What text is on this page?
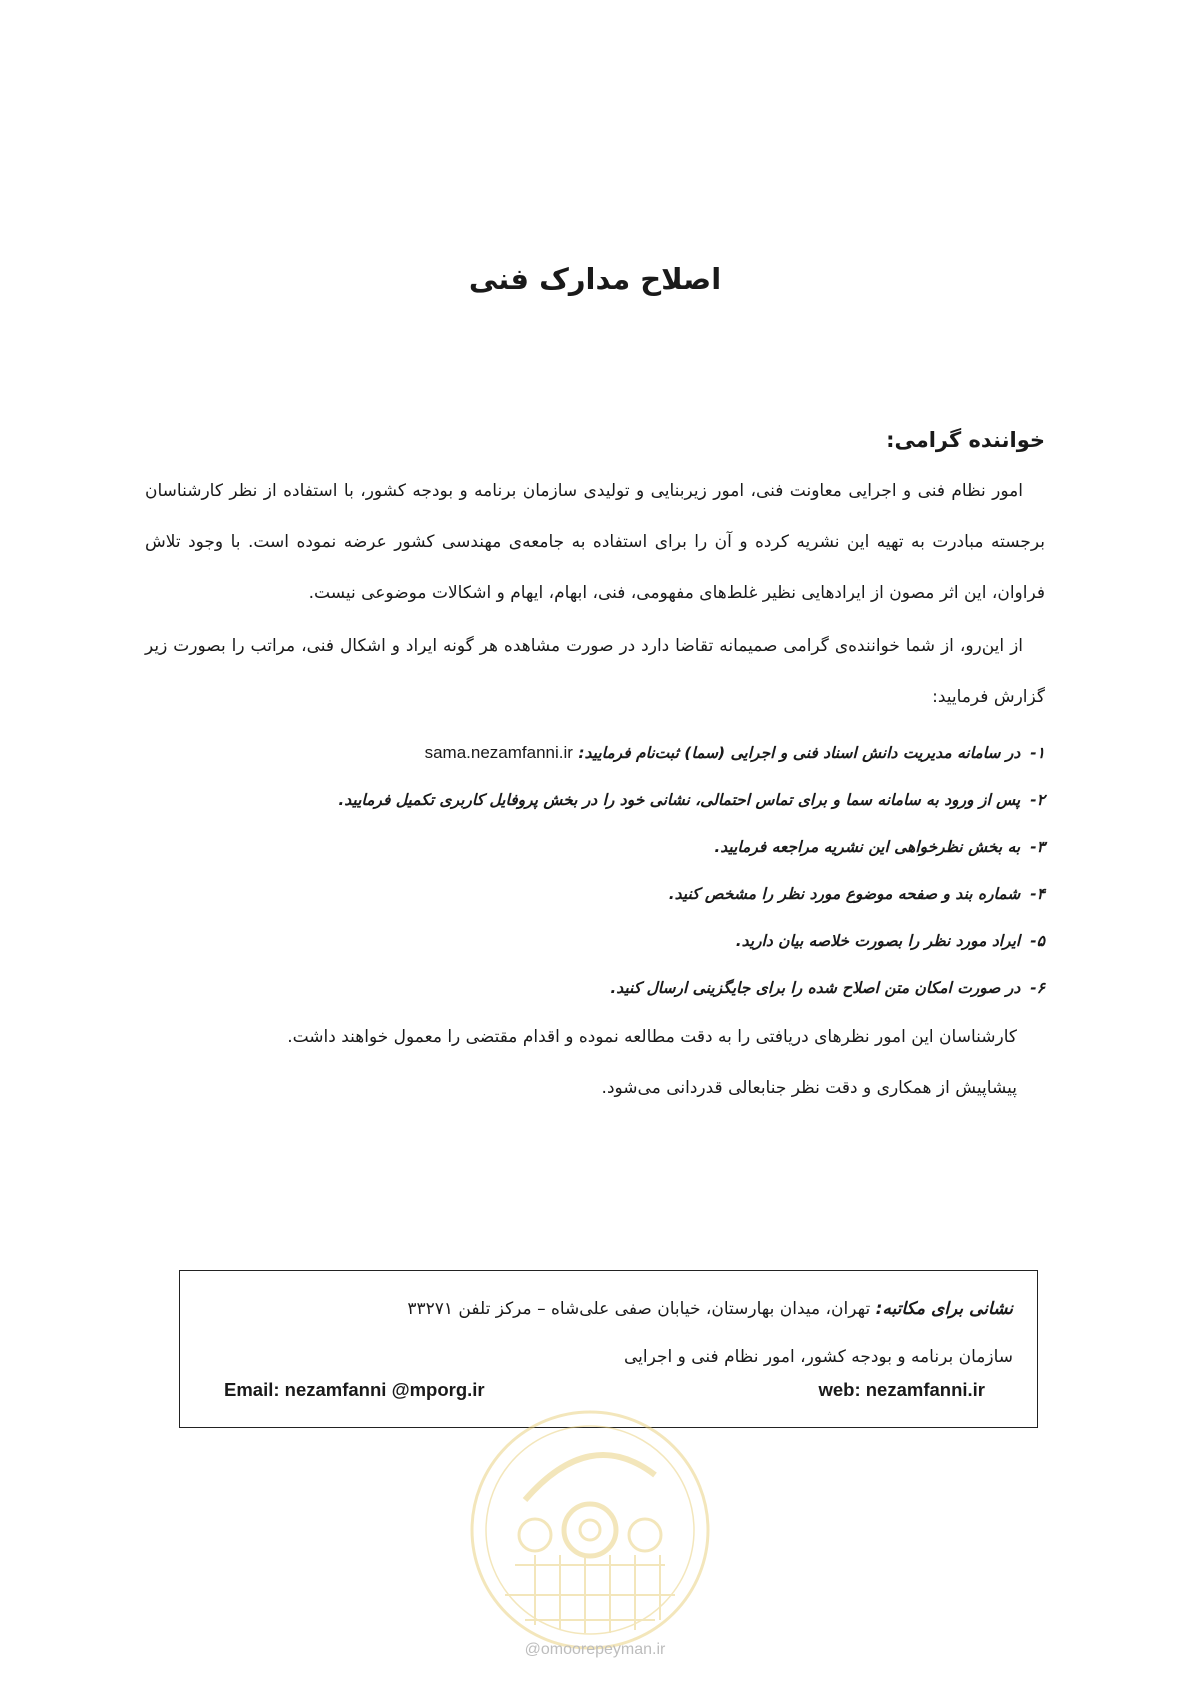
اصلاح مدارک فنی

خواننده گرامی:

امور نظام فنی و اجرایی معاونت فنی، امور زیربنایی و تولیدی سازمان برنامه و بودجه کشور، با استفاده از نظر کارشناسان برجسته مبادرت به تهیه این نشریه کرده و آن را برای استفاده به جامعه‌ی مهندسی کشور عرضه نموده است. با وجود تلاش فراوان، این اثر مصون از ایرادهایی نظیر غلط‌های مفهومی، فنی، ابهام، ایهام و اشکالات موضوعی نیست.

از این‌رو، از شما خواننده‌ی گرامی صمیمانه تقاضا دارد در صورت مشاهده هر گونه ایراد و اشکال فنی، مراتب را بصورت زیر گزارش فرمایید:

۱-در سامانه مدیریت دانش اسناد فنی و اجرایی (سما) ثبت‌نام فرمایید: sama.nezamfanni.ir
۲-پس از ورود به سامانه سما و برای تماس احتمالی، نشانی خود را در بخش پروفایل کاربری تکمیل فرمایید.
۳-به بخش نظرخواهی این نشریه مراجعه فرمایید.
۴-شماره بند و صفحه موضوع مورد نظر را مشخص کنید.
۵-ایراد مورد نظر را بصورت خلاصه بیان دارید.
۶-در صورت امکان متن اصلاح شده را برای جایگزینی ارسال کنید.

کارشناسان این امور نظرهای دریافتی را به دقت مطالعه نموده و اقدام مقتضی را معمول خواهند داشت.

پیشاپیش از همکاری و دقت نظر جنابعالی قدردانی می‌شود.

نشانی برای مکاتبه: تهران، میدان بهارستان، خیابان صفی علی‌شاه – مرکز تلفن ۳۳۲۷۱

سازمان برنامه و بودجه کشور، امور نظام فنی و اجرایی

Email: nezamfanni @mporg.ir	web: nezamfanni.ir
@omoorepeyman.ir
